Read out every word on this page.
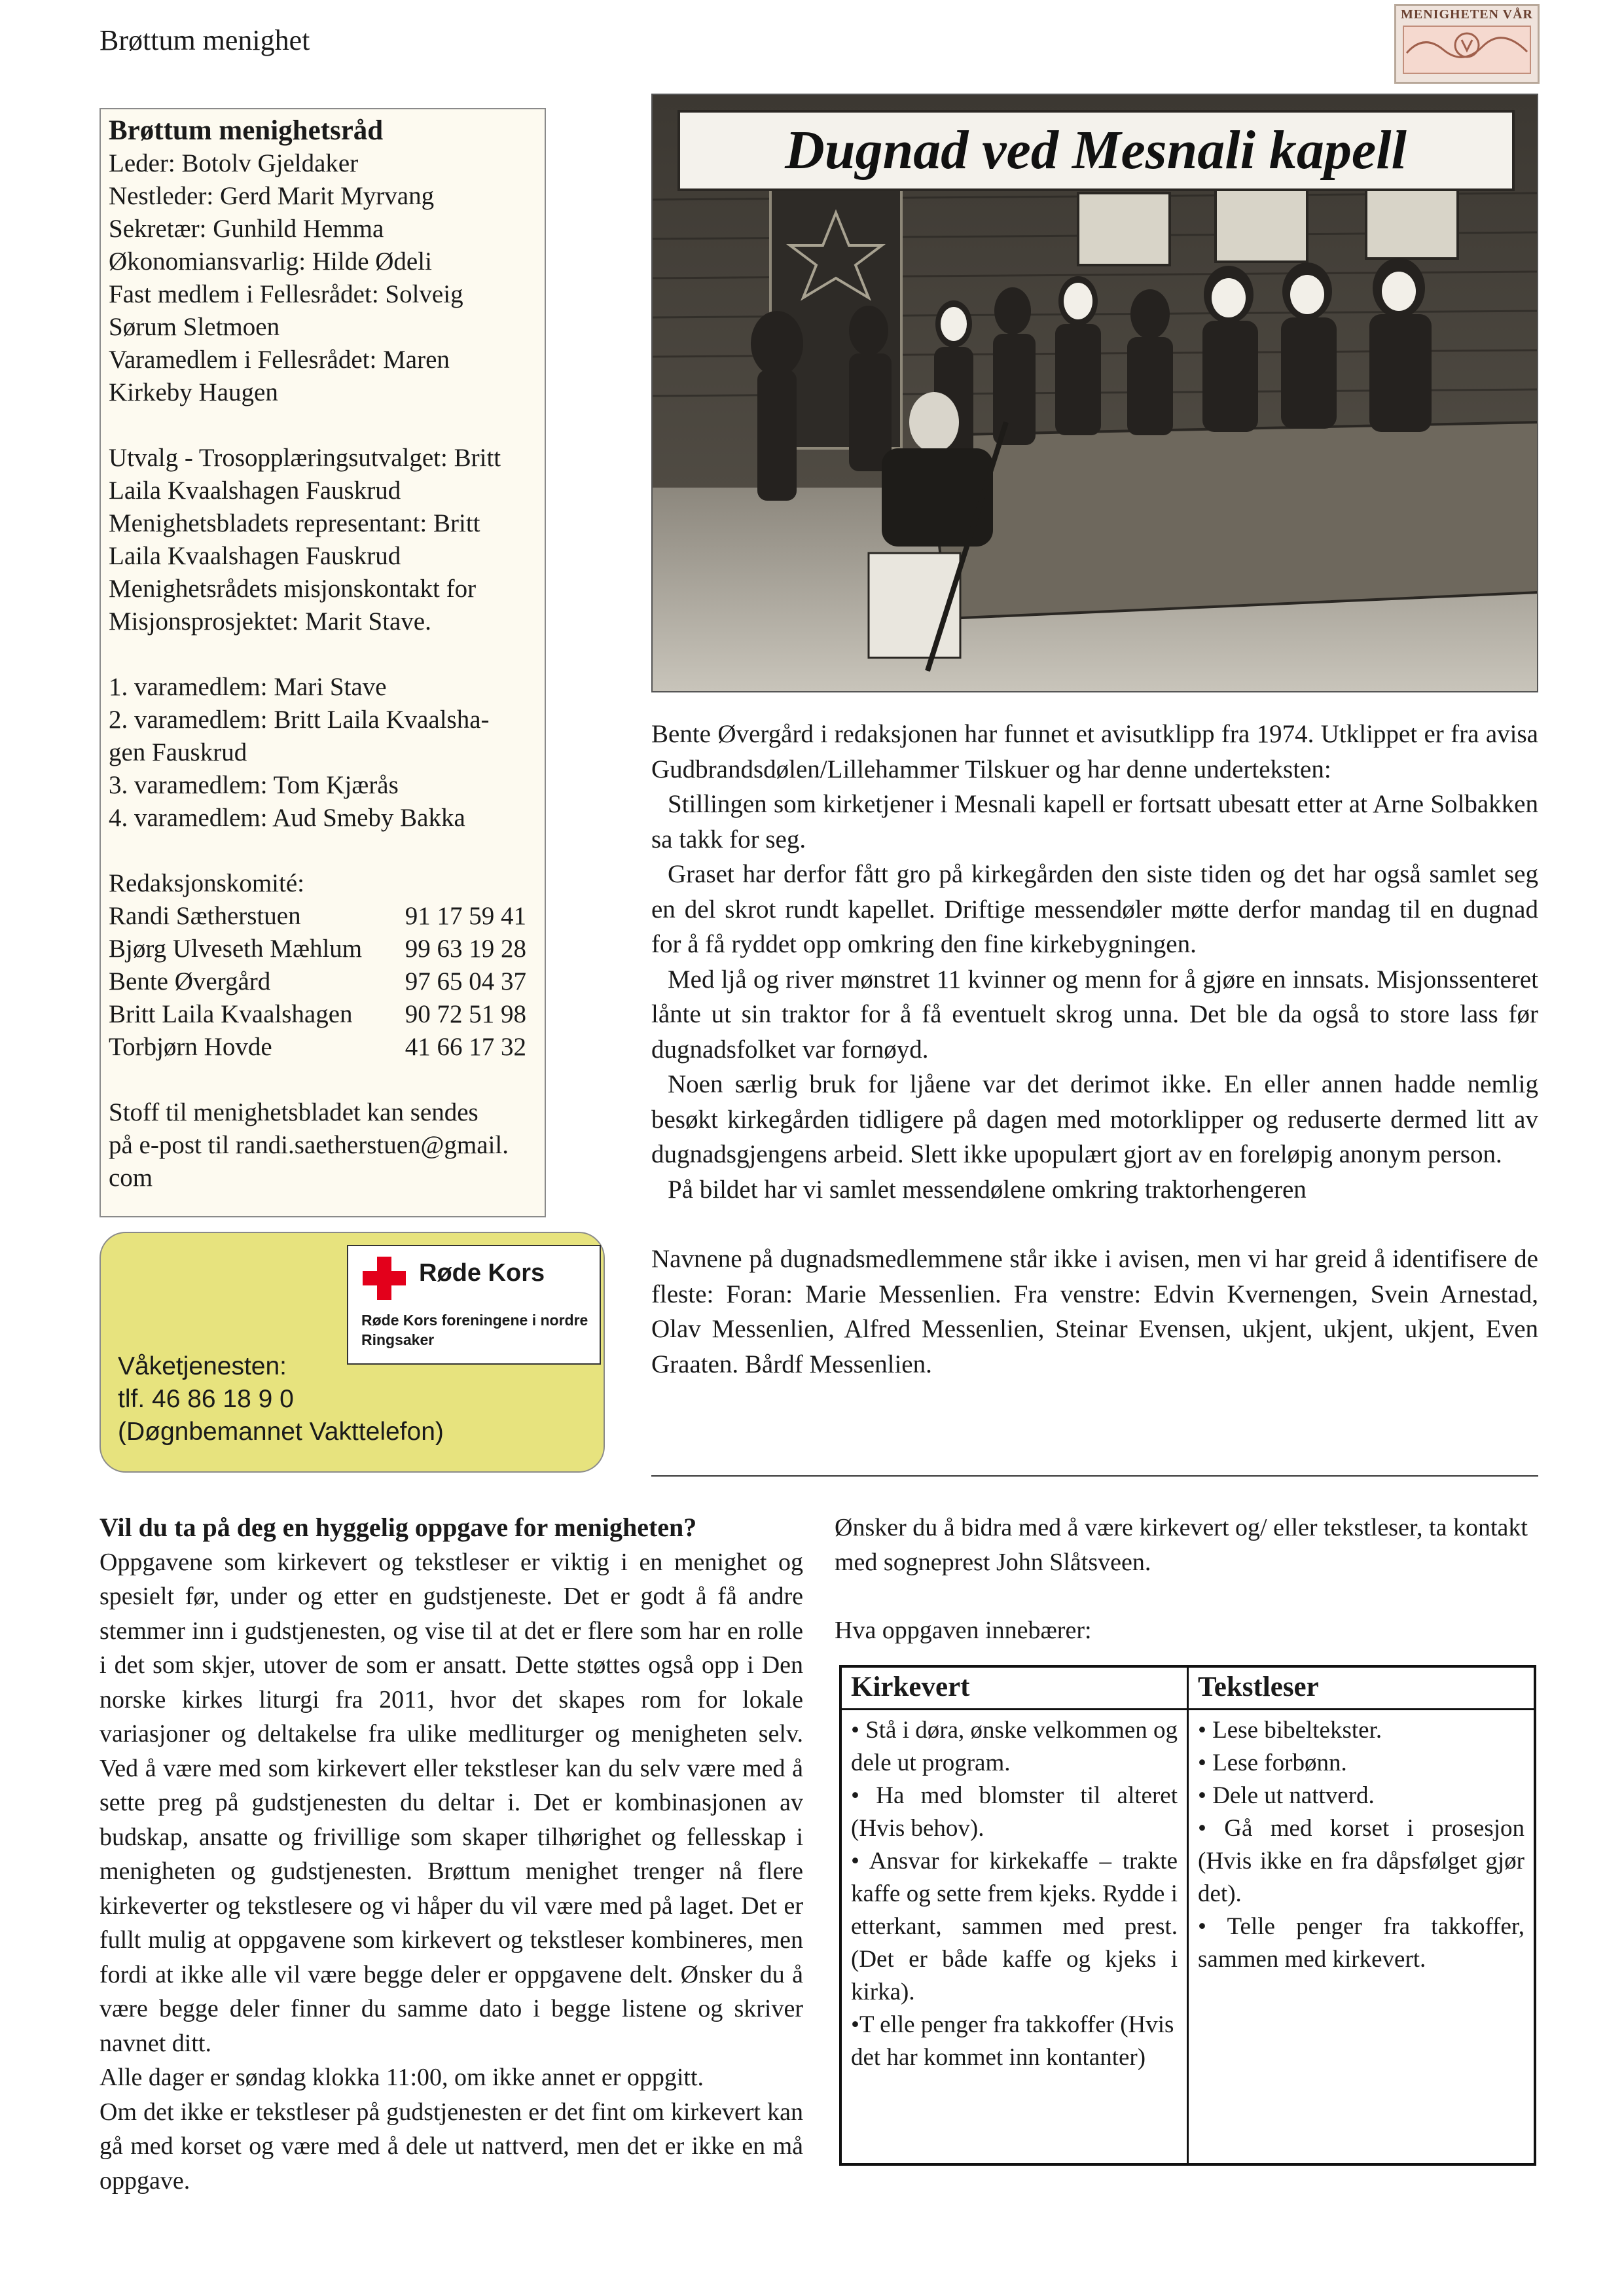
Brøttum menighet
MENIGHETEN VÅR
Brøttum menighetsråd
Leder: Botolv Gjeldaker
Nestleder: Gerd Marit Myrvang
Sekretær: Gunhild Hemma
Økonomiansvarlig: Hilde Ødeli
Fast medlem i Fellesrådet: Solveig
Sørum Sletmoen
Varamedlem i Fellesrådet: Maren
Kirkeby Haugen
Utvalg - Trosopplæringsutvalget: Britt
Laila Kvaalshagen Fauskrud
Menighetsbladets representant: Britt
Laila Kvaalshagen Fauskrud
Menighetsrådets misjonskontakt for
Misjonsprosjektet: Marit Stave.
1. varamedlem: Mari Stave
2. varamedlem: Britt Laila Kvaalsha-
gen Fauskrud
3. varamedlem: Tom Kjærås
4. varamedlem: Aud Smeby Bakka
Redaksjonskomité:
Randi Sætherstuen	91 17 59 41
Bjørg Ulveseth Mæhlum 99 63 19 28
Bente Øvergård	97 65 04 37
Britt Laila Kvaalshagen 90 72 51 98
Torbjørn Hovde	41 66 17 32
Stoff til menighetsbladet kan sendes
på e-post til randi.saetherstuen@gmail.
com
Dugnad ved Mesnali kapell

Bente Øvergård i redaksjonen har funnet et avisutklipp fra 1974. Utklippet er fra avisa Gudbrandsdølen/Lillehammer Tilskuer og har denne underteksten:

Stillingen som kirketjener i Mesnali kapell er fortsatt ubesatt etter at Arne Solbakken sa takk for seg.

Graset har derfor fått gro på kirkegården den siste tiden og det har også samlet seg en del skrot rundt kapellet. Driftige messendøler møtte derfor mandag til en dugnad for å få ryddet opp omkring den fine kirkebygningen.

Med ljå og river mønstret 11 kvinner og menn for å gjøre en innsats. Misjonssenteret lånte ut sin traktor for å få eventuelt skrog unna. Det ble da også to store lass før dugnadsfolket var fornøyd.

Noen særlig bruk for ljåene var det derimot ikke. En eller annen hadde nemlig besøkt kirkegården tidligere på dagen med motorklipper og reduserte dermed litt av dugnadsgjengens arbeid. Slett ikke upopulært gjort av en foreløpig anonym person.

På bildet har vi samlet messendølene omkring traktorhengeren

Navnene på dugnadsmedlemmene står ikke i avisen, men vi har greid å identifisere de fleste: Foran: Marie Messenlien. Fra venstre: Edvin Kvernengen, Svein Arnestad, Olav Messenlien, Alfred Messenlien, Steinar Evensen, ukjent, ukjent, ukjent, Even Graaten. Bårdf Messenlien.

Røde Kors
Røde Kors foreningene i nordre Ringsaker
Våketjenesten:
tlf. 46 86 18 9 0
(Døgnbemannet Vakttelefon)

Vil du ta på deg en hyggelig oppgave for menigheten?

Oppgavene som kirkevert og tekstleser er viktig i en menighet og spesielt før, under og etter en gudstjeneste. Det er godt å få andre stemmer inn i gudstjenesten, og vise til at det er flere som har en rolle i det som skjer, utover de som er ansatt. Dette støttes også opp i Den norske kirkes liturgi fra 2011, hvor det skapes rom for lokale variasjoner og deltakelse fra ulike medliturger og menigheten selv. Ved å være med som kirkevert eller tekstleser kan du selv være med å sette preg på gudstjenesten du deltar i. Det er kombinasjonen av budskap, ansatte og frivillige som skaper tilhørighet og fellesskap i menigheten og gudstjenesten. Brøttum menighet trenger nå flere kirkeverter og tekstlesere og vi håper du vil være med på laget. Det er fullt mulig at oppgavene som kirkevert og tekstleser kombineres, men fordi at ikke alle vil være begge deler er oppgavene delt. Ønsker du å være begge deler finner du samme dato i begge listene og skriver navnet ditt.

Alle dager er søndag klokka 11:00, om ikke annet er oppgitt.

Om det ikke er tekstleser på gudstjenesten er det fint om kirkevert kan gå med korset og være med å dele ut nattverd, men det er ikke en må oppgave.

Ønsker du å bidra med å være kirkevert og/ eller tekstleser, ta kontakt med sogneprest John Slåtsveen.

Hva oppgaven innebærer:

Kirkevert
• Stå i døra, ønske velkommen og dele ut program.
• Ha med blomster til alteret (Hvis behov).
• Ansvar for kirkekaffe – trakte kaffe og sette frem kjeks. Rydde i etterkant, sammen med prest. (Det er både kaffe og kjeks i kirka).
•T elle penger fra takkoffer (Hvis det har kommet inn kontanter)
Tekstleser
• Lese bibeltekster.
• Lese forbønn.
• Dele ut nattverd.
• Gå med korset i prosesjon (Hvis ikke en fra dåpsfølget gjør det).
• Telle penger fra takkoffer, sammen med kirkevert.
